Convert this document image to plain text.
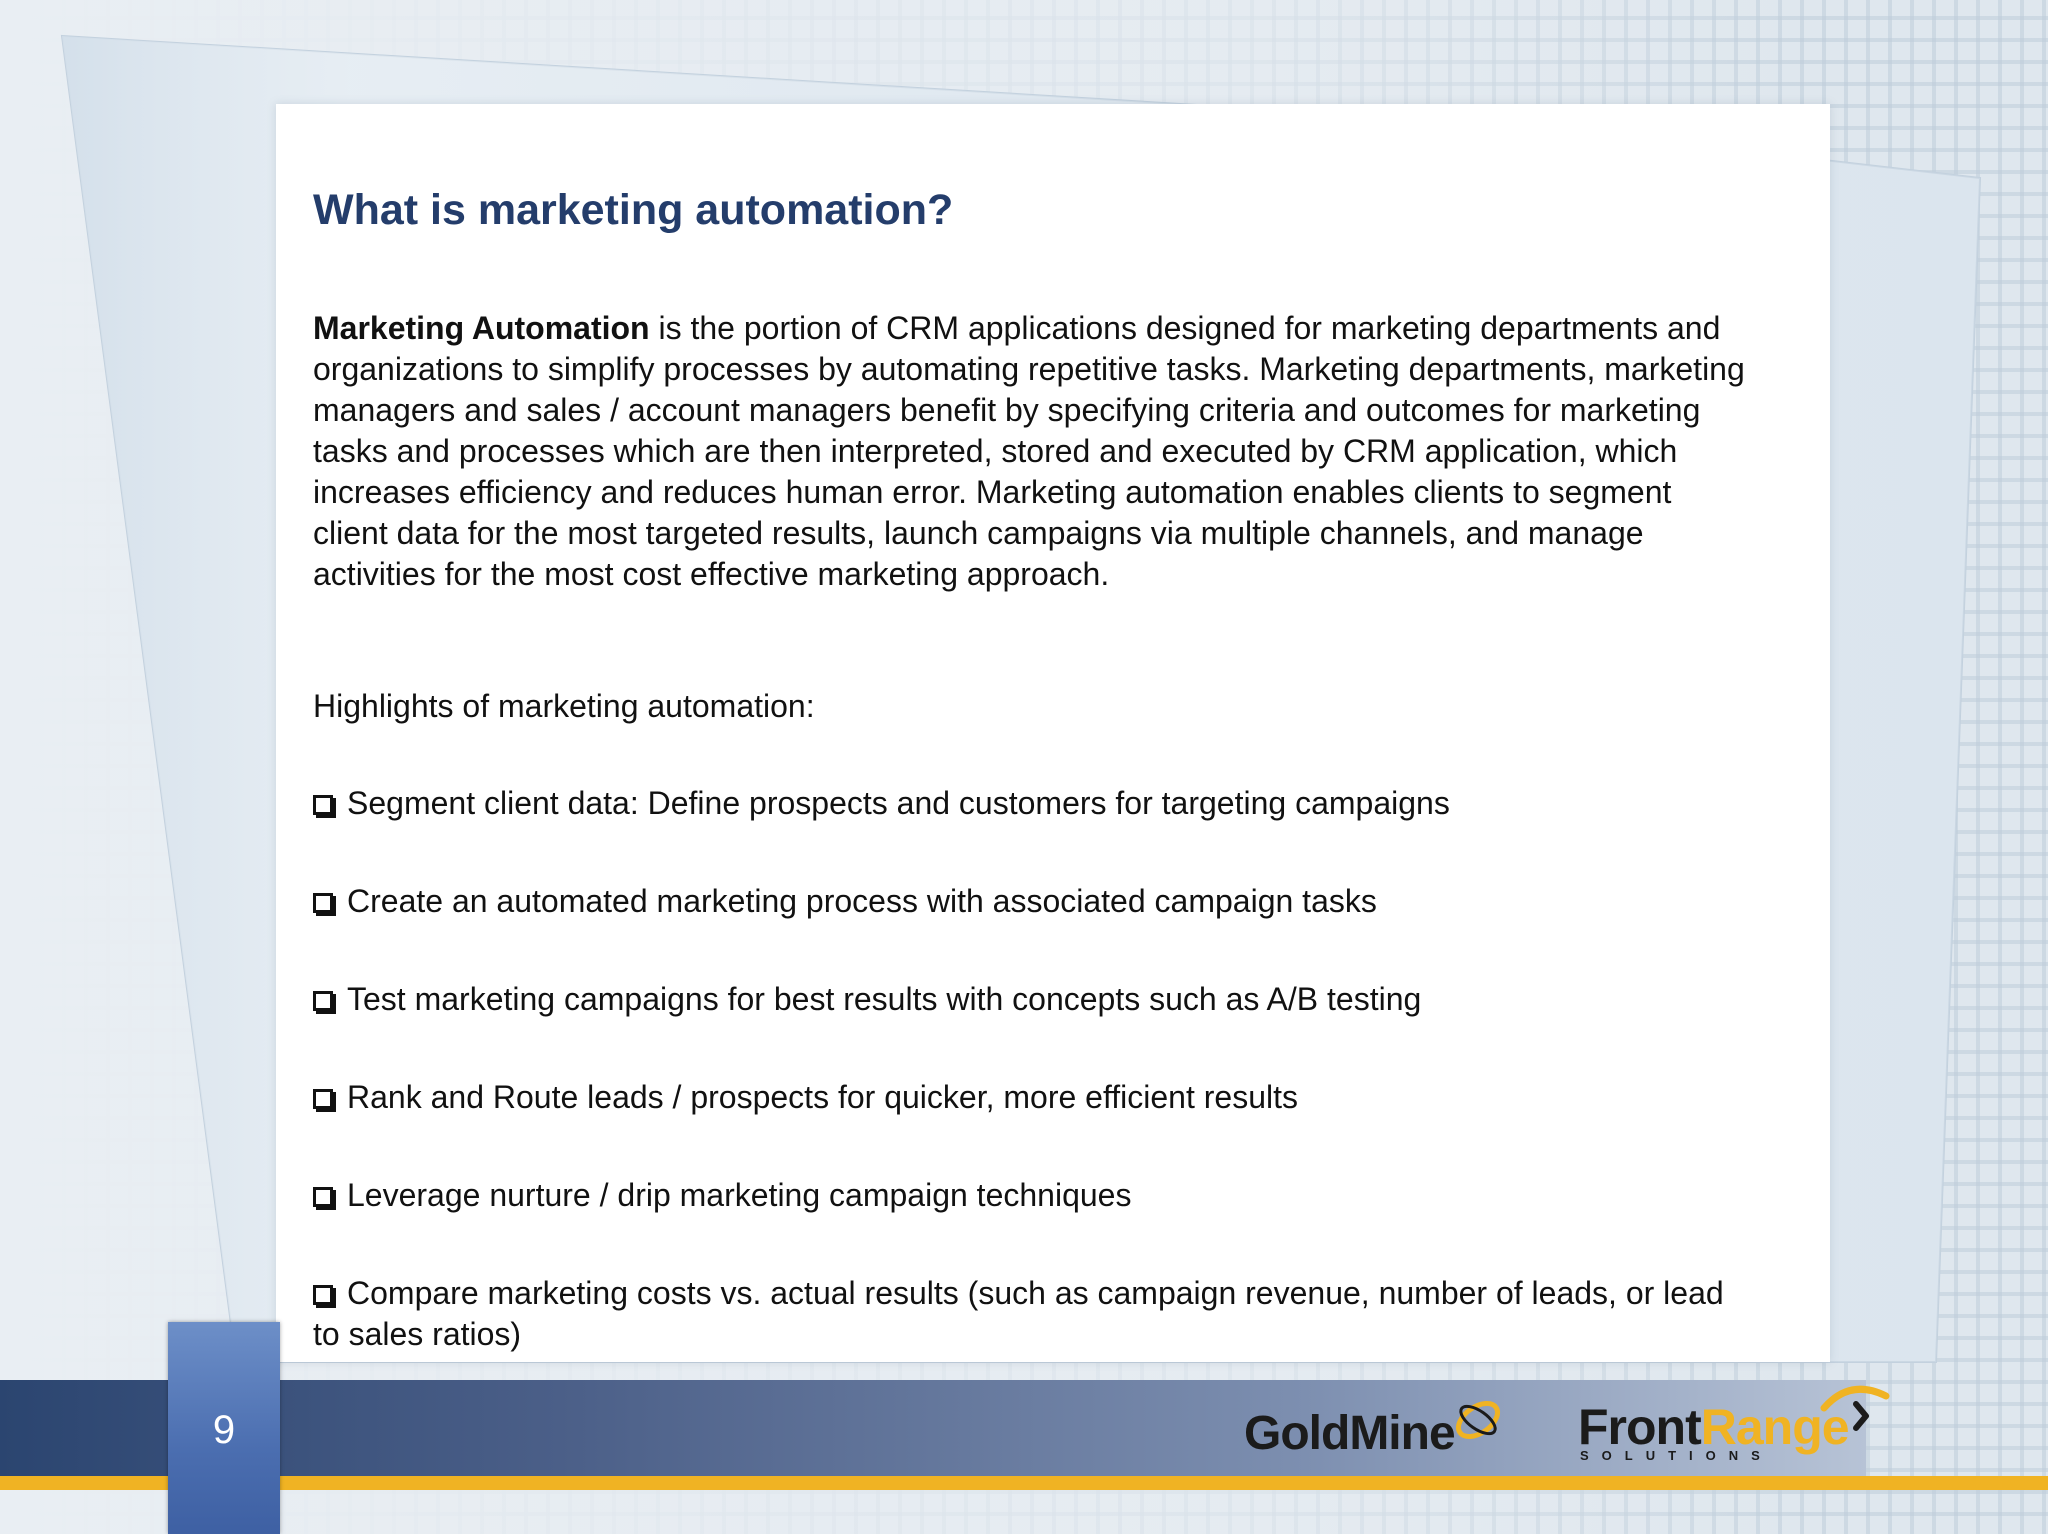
What is marketing automation?

Marketing Automation is the portion of CRM applications designed for marketing departments and organizations to simplify processes by automating repetitive tasks. Marketing departments, marketing managers and sales / account managers benefit by specifying criteria and outcomes for marketing tasks and processes which are then interpreted, stored and executed by CRM application, which increases efficiency and reduces human error. Marketing automation enables clients to segment client data for the most targeted results, launch campaigns via multiple channels, and manage activities for the most cost effective marketing approach.

Highlights of marketing automation:

Segment client data: Define prospects and customers for targeting campaigns
Create an automated marketing process with associated campaign tasks
Test marketing campaigns for best results with concepts such as A/B testing
Rank and Route leads / prospects for quicker, more efficient results
Leverage nurture / drip marketing campaign techniques
Compare marketing costs vs. actual results (such as campaign revenue, number of leads, or lead to sales ratios)
9	GoldMine FrontRange
SOLUTIONS
